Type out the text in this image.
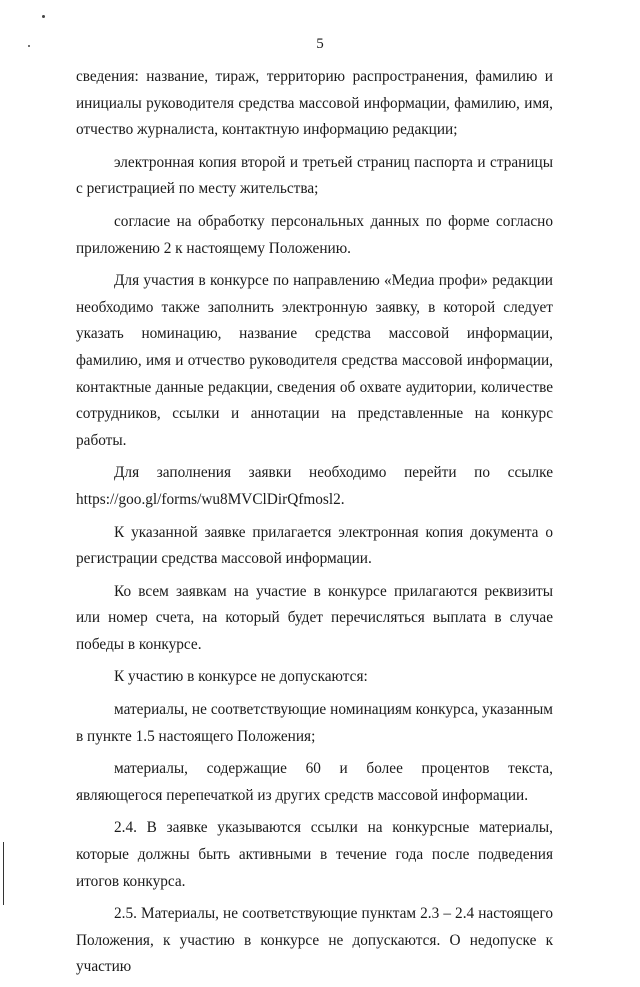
5

сведения: название, тираж, территорию распространения, фамилию и инициалы руководителя средства массовой информации, фамилию, имя, отчество журналиста, контактную информацию редакции;

электронная копия второй и третьей страниц паспорта и страницы с регистрацией по месту жительства;

согласие на обработку персональных данных по форме согласно приложению 2 к настоящему Положению.

Для участия в конкурсе по направлению «Медиа профи» редакции необходимо также заполнить электронную заявку, в которой следует указать номинацию, название средства массовой информации, фамилию, имя и отчество руководителя средства массовой информации, контактные данные редакции, сведения об охвате аудитории, количестве сотрудников, ссылки и аннотации на представленные на конкурс работы.

Для заполнения заявки необходимо перейти по ссылке https://goo.gl/forms/wu8MVClDirQfmosl2.

К указанной заявке прилагается электронная копия документа о регистрации средства массовой информации.

Ко всем заявкам на участие в конкурсе прилагаются реквизиты или номер счета, на который будет перечисляться выплата в случае победы в конкурсе.

К участию в конкурсе не допускаются:

материалы, не соответствующие номинациям конкурса, указанным в пункте 1.5 настоящего Положения;

материалы, содержащие 60 и более процентов текста, являющегося перепечаткой из других средств массовой информации.

2.4. В заявке указываются ссылки на конкурсные материалы, которые должны быть активными в течение года после подведения итогов конкурса.

2.5. Материалы, не соответствующие пунктам 2.3 – 2.4 настоящего Положения, к участию в конкурсе не допускаются. О недопуске к участию
